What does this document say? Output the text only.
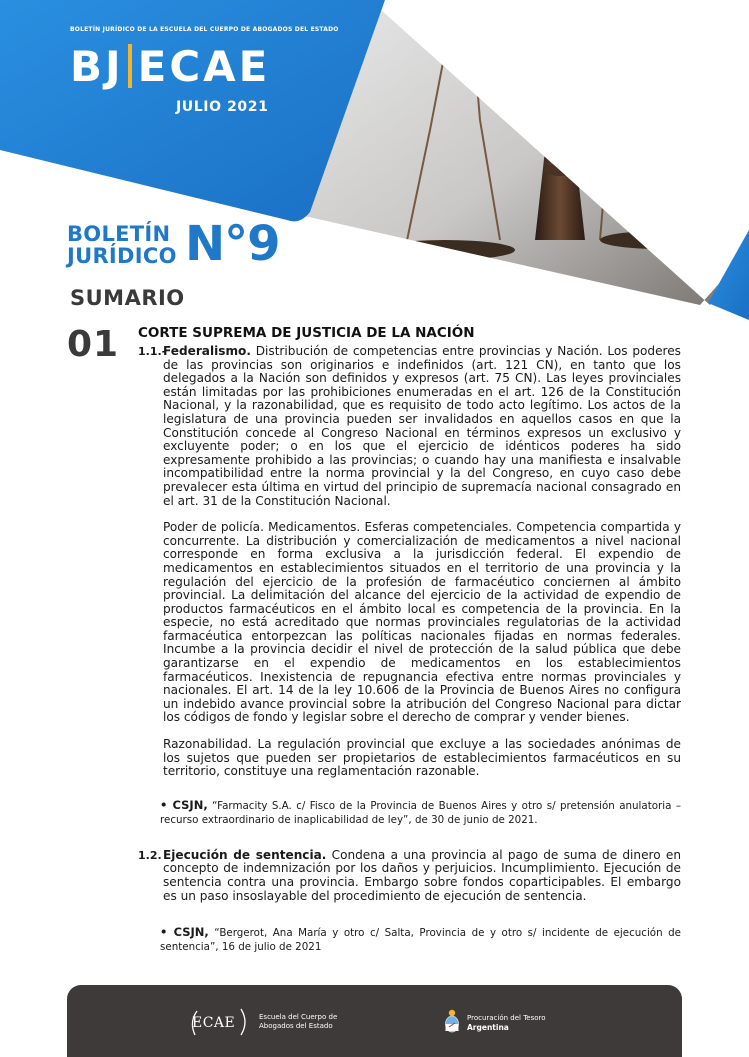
BOLETÍN JURÍDICO DE LA ESCUELA DEL CUERPO DE ABOGADOS DEL ESTADO
BJ ECAE
JULIO 2021
BOLETÍN
JURÍDICO N°9
SUMARIO
01 CORTE SUPREMA DE JUSTICIA DE LA NACIÓN
1.1.-

Federalismo. Distribución de competencias entre provincias y Nación. Los poderes de las provincias son originarios e indefinidos (art. 121 CN), en tanto que los delegados a la Nación son definidos y expresos (art. 75 CN). Las leyes provinciales están limitadas por las prohibiciones enumeradas en el art. 126 de la Constitución Nacional, y la razonabilidad, que es requisito de todo acto legítimo. Los actos de la legislatura de una provincia pueden ser invalidados en aquellos casos en que la Constitución concede al Congreso Nacional en términos expresos un exclusivo y excluyente poder; o en los que el ejercicio de idénticos poderes ha sido expresamente prohibido a las provincias; o cuando hay una manifiesta e insalvable incompatibilidad entre la norma provincial y la del Congreso, en cuyo caso debe prevalecer esta última en virtud del principio de supremacía nacional consagrado en el art. 31 de la Constitución Nacional.

Poder de policía. Medicamentos. Esferas competenciales. Competencia compartida y concurrente. La distribución y comercialización de medicamentos a nivel nacional corresponde en forma exclusiva a la jurisdicción federal. El expendio de medicamentos en establecimientos situados en el territorio de una provincia y la regulación del ejercicio de la profesión de farmacéutico conciernen al ámbito provincial. La delimitación del alcance del ejercicio de la actividad de expendio de productos farmacéuticos en el ámbito local es competencia de la provincia. En la especie, no está acreditado que normas provinciales regulatorias de la actividad farmacéutica entorpezcan las políticas nacionales fijadas en normas federales. Incumbe a la provincia decidir el nivel de protección de la salud pública que debe garantizarse en el expendio de medicamentos en los establecimientos farmacéuticos. Inexistencia de repugnancia efectiva entre normas provinciales y nacionales. El art. 14 de la ley 10.606 de la Provincia de Buenos Aires no configura un indebido avance provincial sobre la atribución del Congreso Nacional para dictar los códigos de fondo y legislar sobre el derecho de comprar y vender bienes.

Razonabilidad. La regulación provincial que excluye a las sociedades anónimas de los sujetos que pueden ser propietarios de establecimientos farmacéuticos en su territorio, constituye una reglamentación razonable.

• CSJN, “Farmacity S.A. c/ Fisco de la Provincia de Buenos Aires y otro s/ pretensión anulatoria – recurso extraordinario de inaplicabilidad de ley”, de 30 de junio de 2021.

1.2. Ejecución de sentencia. Condena a una provincia al pago de suma de dinero en concepto de indemnización por los daños y perjuicios. Incumplimiento. Ejecución de sentencia contra una provincia. Embargo sobre fondos coparticipables. El embargo es un paso insoslayable del procedimiento de ejecución de sentencia.

• CSJN, “Bergerot, Ana María y otro c/ Salta, Provincia de y otro s/ incidente de ejecución de sentencia”, 16 de julio de 2021

ECAE	Escuela del Cuerpo de
Abogados del Estado
Procuración del Tesoro
Argentina
